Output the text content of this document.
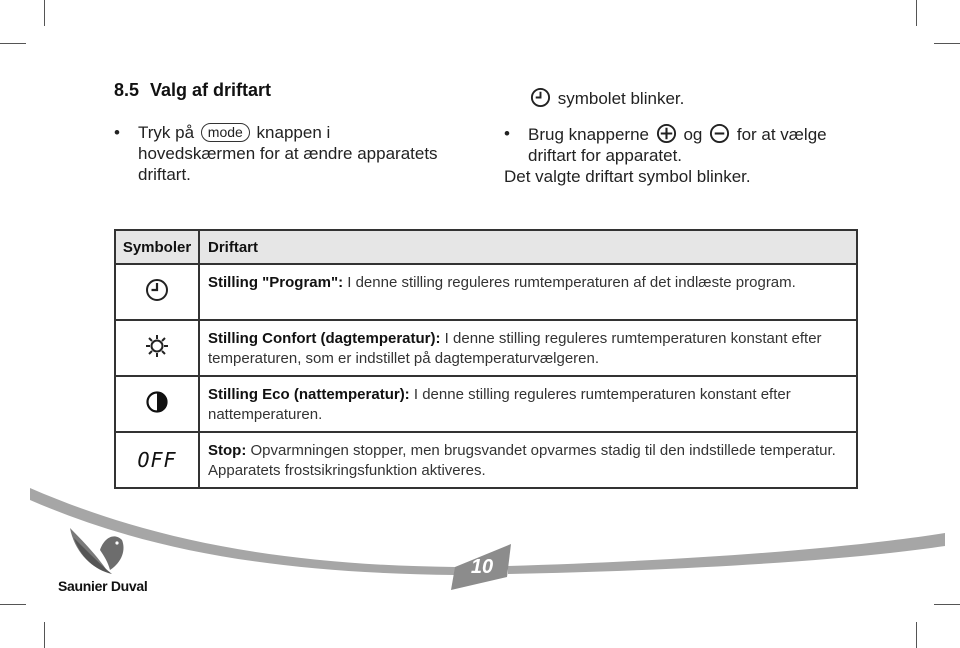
8.5 Valg af driftart
• Tryk på mode knappen i
hovedskærmen for at ændre apparatets
driftart.
symbolet blinker.
• Brug knapperne og for at vælge
driftart for apparatet.
Det valgte driftart symbol blinker.
Symboler	Driftart
	Stilling "Program": I denne stilling reguleres rumtemperaturen af det indlæste program.
	Stilling Confort (dagtemperatur): I denne stilling reguleres rumtemperaturen konstant efter temperaturen, som er indstillet på dagtemperaturvælgeren.
	Stilling Eco (nattemperatur): I denne stilling reguleres rumtemperaturen konstant efter nattemperaturen.
OFF	Stop: Opvarmningen stopper, men brugsvandet opvarmes stadig til den indstillede temperatur. Apparatets frostsikringsfunktion aktiveres.
10
Saunier Duval
